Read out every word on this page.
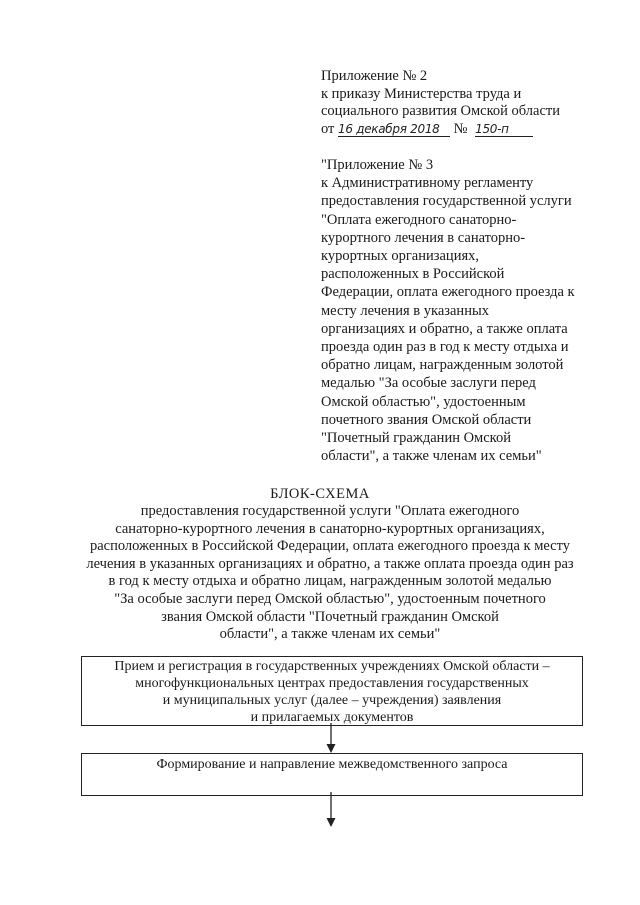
Приложение № 2
к приказу Министерства труда и
социального развития Омской области
от 16 декабря 2018 № 150-п
"Приложение № 3
к Административному регламенту
предоставления государственной услуги
"Оплата ежегодного санаторно-
курортного лечения в санаторно-
курортных организациях,
расположенных в Российской
Федерации, оплата ежегодного проезда к
месту лечения в указанных
организациях и обратно, а также оплата
проезда один раз в год к месту отдыха и
обратно лицам, награжденным золотой
медалью "За особые заслуги перед
Омской областью", удостоенным
почетного звания Омской области
"Почетный гражданин Омской
области", а также членам их семьи"
БЛОК-СХЕМА
предоставления государственной услуги "Оплата ежегодного
санаторно-курортного лечения в санаторно-курортных организациях,
расположенных в Российской Федерации, оплата ежегодного проезда к месту
лечения в указанных организациях и обратно, а также оплата проезда один раз
в год к месту отдыха и обратно лицам, награжденным золотой медалью
"За особые заслуги перед Омской областью", удостоенным почетного
звания Омской области "Почетный гражданин Омской
области", а также членам их семьи"
Прием и регистрация в государственных учреждениях Омской области –
многофункциональных центрах предоставления государственных
и муниципальных услуг (далее – учреждения) заявления
и прилагаемых документов
Формирование и направление межведомственного запроса
